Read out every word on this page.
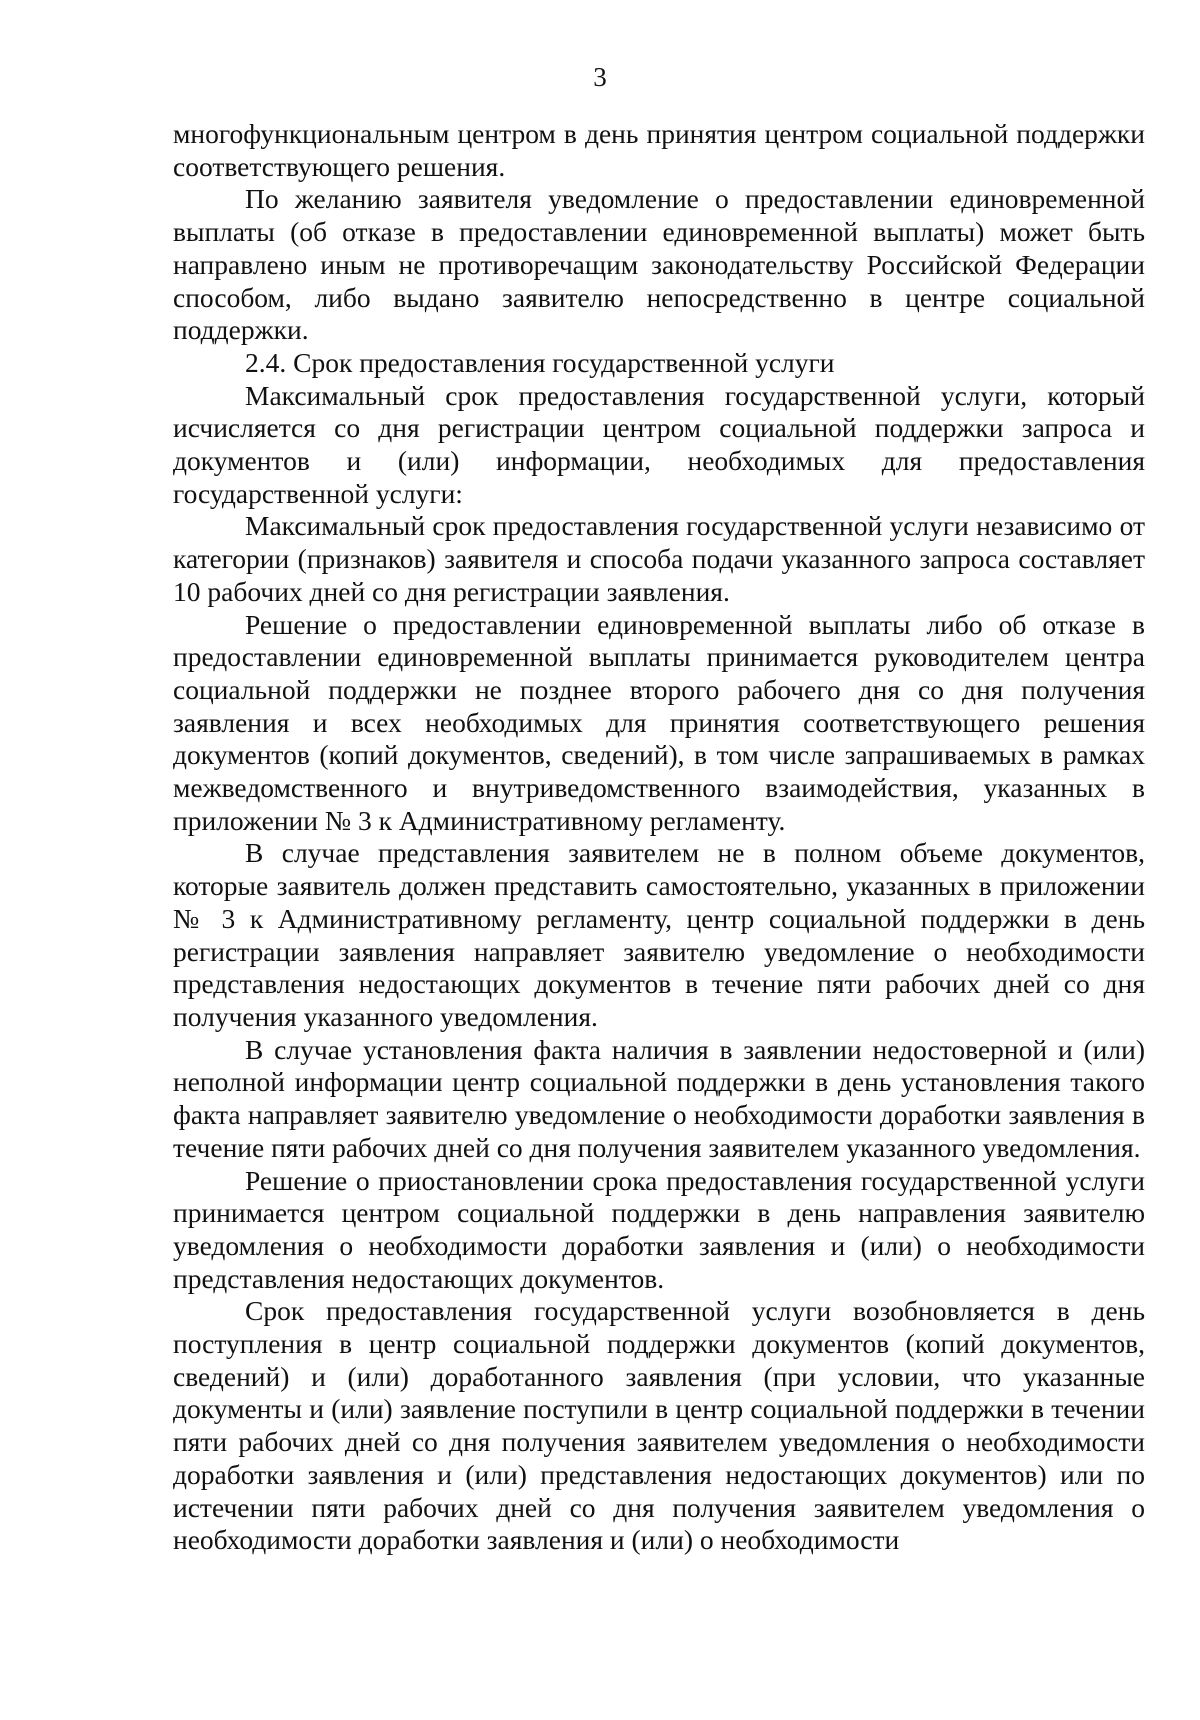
3

многофункциональным центром в день принятия центром социальной поддержки соответствующего решения.

По желанию заявителя уведомление о предоставлении единовременной выплаты (об отказе в предоставлении единовременной выплаты) может быть направлено иным не противоречащим законодательству Российской Федерации способом, либо выдано заявителю непосредственно в центре социальной поддержки.

2.4. Срок предоставления государственной услуги

Максимальный срок предоставления государственной услуги, который исчисляется со дня регистрации центром социальной поддержки запроса и документов и (или) информации, необходимых для предоставления государственной услуги:

Максимальный срок предоставления государственной услуги независимо от категории (признаков) заявителя и способа подачи указанного запроса составляет 10 рабочих дней со дня регистрации заявления.

Решение о предоставлении единовременной выплаты либо об отказе в предоставлении единовременной выплаты принимается руководителем центра социальной поддержки не позднее второго рабочего дня со дня получения заявления и всех необходимых для принятия соответствующего решения документов (копий документов, сведений), в том числе запрашиваемых в рамках межведомственного и внутриведомственного взаимодействия, указанных в приложении № 3 к Административному регламенту.

В случае представления заявителем не в полном объеме документов, которые заявитель должен представить самостоятельно, указанных в приложении № 3 к Административному регламенту, центр социальной поддержки в день регистрации заявления направляет заявителю уведомление о необходимости представления недостающих документов в течение пяти рабочих дней со дня получения указанного уведомления.

В случае установления факта наличия в заявлении недостоверной и (или) неполной информации центр социальной поддержки в день установления такого факта направляет заявителю уведомление о необходимости доработки заявления в течение пяти рабочих дней со дня получения заявителем указанного уведомления.

Решение о приостановлении срока предоставления государственной услуги принимается центром социальной поддержки в день направления заявителю уведомления о необходимости доработки заявления и (или) о необходимости представления недостающих документов.

Срок предоставления государственной услуги возобновляется в день поступления в центр социальной поддержки документов (копий документов, сведений) и (или) доработанного заявления (при условии, что указанные документы и (или) заявление поступили в центр социальной поддержки в течении пяти рабочих дней со дня получения заявителем уведомления о необходимости доработки заявления и (или) представления недостающих документов) или по истечении пяти рабочих дней со дня получения заявителем уведомления о необходимости доработки заявления и (или) о необходимости
